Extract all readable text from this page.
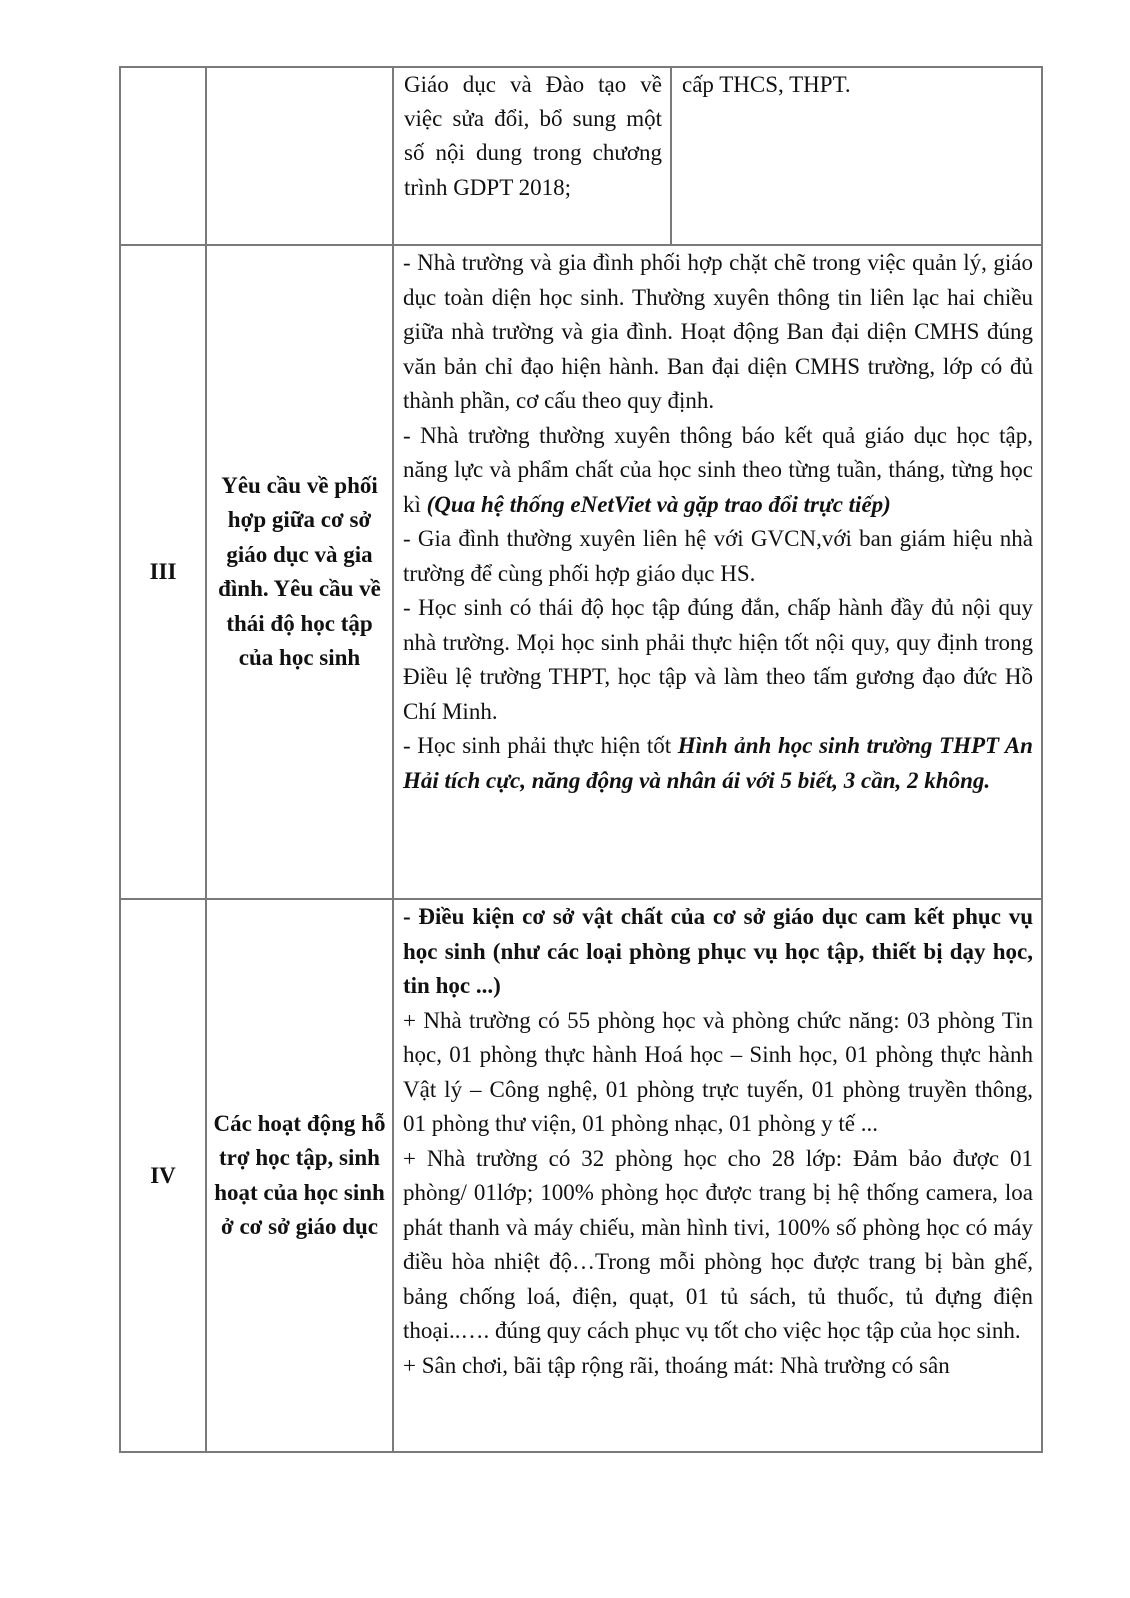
		Giáo dục và Đào tạo về việc sửa đổi, bổ sung một số nội dung trong chương trình GDPT 2018;	cấp THCS, THPT.

III	Yêu cầu về phối hợp giữa cơ sở giáo dục và gia đình. Yêu cầu về thái độ học tập của học sinh	- Nhà trường và gia đình phối hợp chặt chẽ trong việc quản lý, giáo dục toàn diện học sinh. Thường xuyên thông tin liên lạc hai chiều giữa nhà trường và gia đình. Hoạt động Ban đại diện CMHS đúng văn bản chỉ đạo hiện hành. Ban đại diện CMHS trường, lớp có đủ thành phần, cơ cấu theo quy định.

- Nhà trường thường xuyên thông báo kết quả giáo dục học tập, năng lực và phẩm chất của học sinh theo từng tuần, tháng, từng học kì (Qua hệ thống eNetViet và gặp trao đổi trực tiếp)

- Gia đình thường xuyên liên hệ với GVCN,với ban giám hiệu nhà trường để cùng phối hợp giáo dục HS.

- Học sinh có thái độ học tập đúng đắn, chấp hành đầy đủ nội quy nhà trường. Mọi học sinh phải thực hiện tốt nội quy, quy định trong Điều lệ trường THPT, học tập và làm theo tấm gương đạo đức Hồ Chí Minh.

- Học sinh phải thực hiện tốt Hình ảnh học sinh trường THPT An Hải tích cực, năng động và nhân ái với 5 biết, 3 cần, 2 không.	

IV	Các hoạt động hỗ trợ học tập, sinh hoạt của học sinh ở cơ sở giáo dục	- Điều kiện cơ sở vật chất của cơ sở giáo dục cam kết phục vụ học sinh (như các loại phòng phục vụ học tập, thiết bị dạy học, tin học ...)

+ Nhà trường có 55 phòng học và phòng chức năng: 03 phòng Tin học, 01 phòng thực hành Hoá học – Sinh học, 01 phòng thực hành Vật lý – Công nghệ, 01 phòng trực tuyến, 01 phòng truyền thông, 01 phòng thư viện, 01 phòng nhạc, 01 phòng y tế ...

+ Nhà trường có 32 phòng học cho 28 lớp: Đảm bảo được 01 phòng/ 01lớp; 100% phòng học được trang bị hệ thống camera, loa phát thanh và máy chiếu, màn hình tivi, 100% số phòng học có máy điều hòa nhiệt độ…Trong mỗi phòng học được trang bị bàn ghế, bảng chống loá, điện, quạt, 01 tủ sách, tủ thuốc, tủ đựng điện thoại..…. đúng quy cách phục vụ tốt cho việc học tập của học sinh.

+ Sân chơi, bãi tập rộng rãi, thoáng mát: Nhà trường có sân	
